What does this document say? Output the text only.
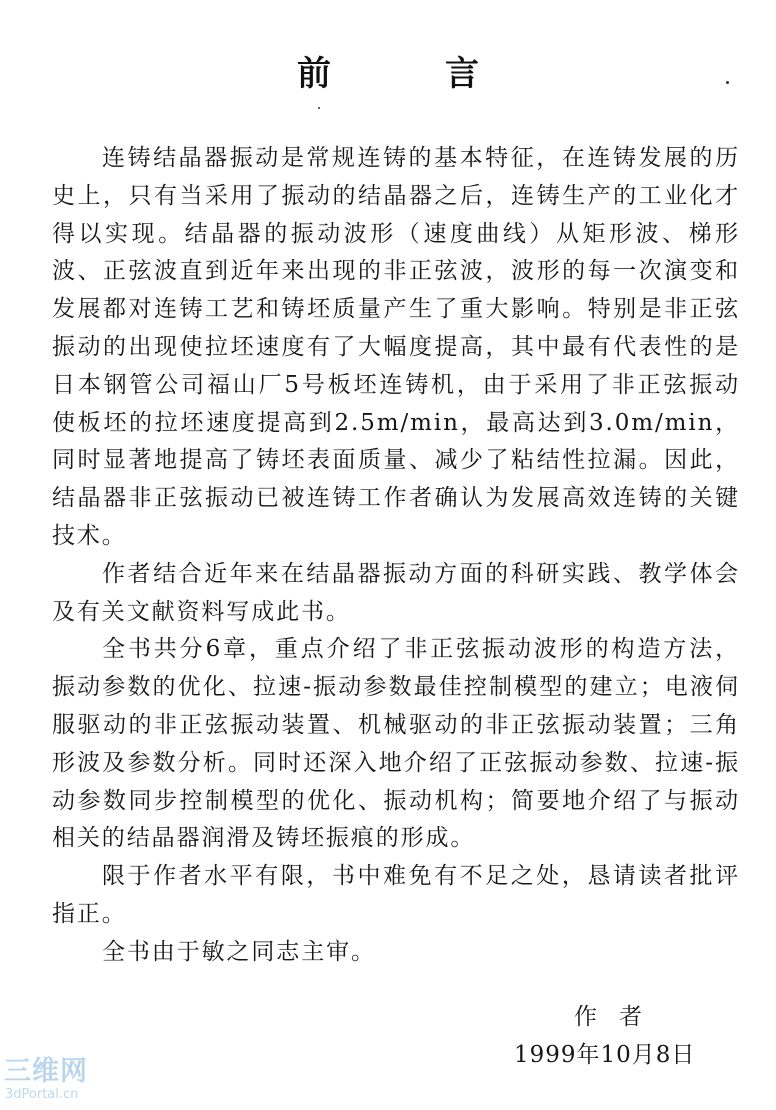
前　言

连铸结晶器振动是常规连铸的基本特征，在连铸发展的历史上，只有当采用了振动的结晶器之后，连铸生产的工业化才得以实现。结晶器的振动波形（速度曲线）从矩形波、梯形波、正弦波直到近年来出现的非正弦波，波形的每一次演变和发展都对连铸工艺和铸坯质量产生了重大影响。特别是非正弦振动的出现使拉坯速度有了大幅度提高，其中最有代表性的是日本钢管公司福山厂5号板坯连铸机，由于采用了非正弦振动使板坯的拉坯速度提高到2.5m/min，最高达到3.0m/min，同时显著地提高了铸坯表面质量、减少了粘结性拉漏。因此，结晶器非正弦振动已被连铸工作者确认为发展高效连铸的关键技术。

作者结合近年来在结晶器振动方面的科研实践、教学体会及有关文献资料写成此书。

全书共分6章，重点介绍了非正弦振动波形的构造方法，振动参数的优化、拉速-振动参数最佳控制模型的建立；电液伺服驱动的非正弦振动装置、机械驱动的非正弦振动装置；三角形波及参数分析。同时还深入地介绍了正弦振动参数、拉速-振动参数同步控制模型的优化、振动机构；简要地介绍了与振动相关的结晶器润滑及铸坯振痕的形成。

限于作者水平有限，书中难免有不足之处，恳请读者批评指正。

全书由于敏之同志主审。

作者
1999年10月8日
三维网
3dPortal.cn
